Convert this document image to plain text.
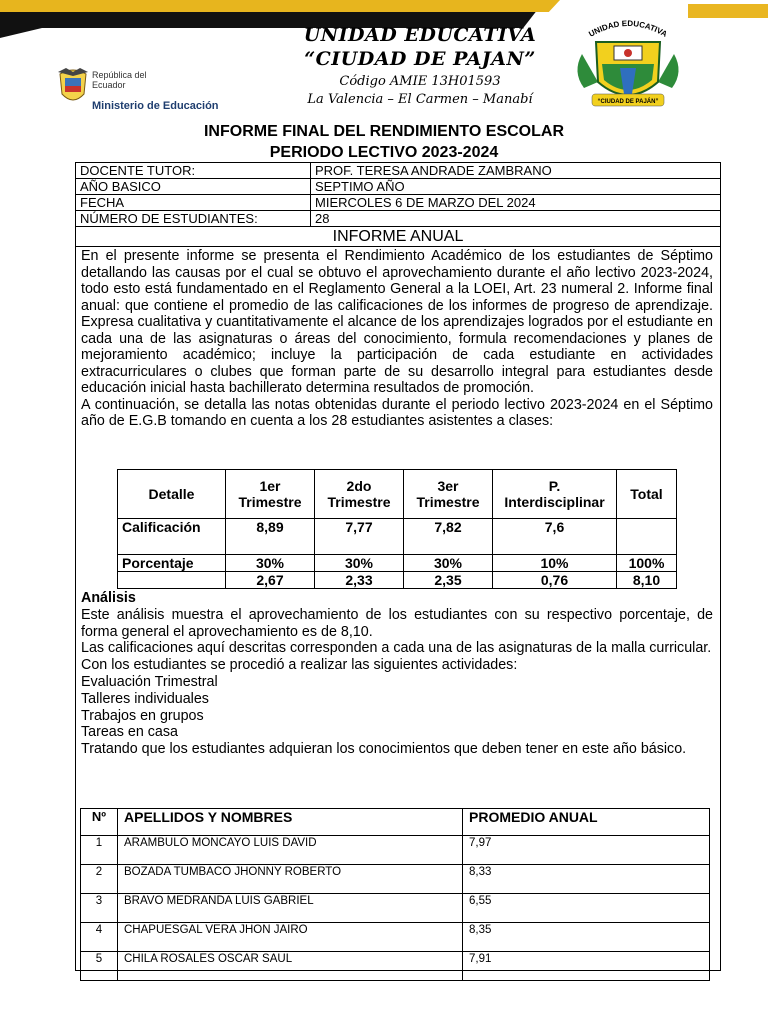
República del Ecuador
Ministerio de Educación
UNIDAD EDUCATIVA
“CIUDAD DE PAJAN”
Código AMIE 13H01593
La Valencia – El Carmen – Manabí
UNIDAD EDUCATIVA
“CIUDAD DE PAJÁN”
INFORME FINAL DEL RENDIMIENTO ESCOLAR
PERIODO LECTIVO 2023-2024
DOCENTE TUTOR:	PROF. TERESA ANDRADE ZAMBRANO
AÑO BASICO	SEPTIMO AÑO
FECHA	MIERCOLES 6 DE MARZO DEL 2024
NÚMERO DE ESTUDIANTES:	28
INFORME ANUAL

En el presente informe se presenta el Rendimiento Académico de los estudiantes de Séptimo detallando las causas por el cual se obtuvo el aprovechamiento durante el año lectivo 2023-2024, todo esto está fundamentado en el Reglamento General a la LOEI, Art. 23 numeral 2. Informe final anual: que contiene el promedio de las calificaciones de los informes de progreso de aprendizaje. Expresa cualitativa y cuantitativamente el alcance de los aprendizajes logrados por el estudiante en cada una de las asignaturas o áreas del conocimiento, formula recomendaciones y planes de mejoramiento académico; incluye la participación de cada estudiante en actividades extracurriculares o clubes que forman parte de su desarrollo integral para estudiantes desde educación inicial hasta bachillerato determina resultados de promoción.

A continuación, se detalla las notas obtenidas durante el periodo lectivo 2023-2024 en el Séptimo año de E.G.B tomando en cuenta a los 28 estudiantes asistentes a clases:

Detalle	1er Trimestre	2do Trimestre	3er Trimestre	P. Interdisciplinar	Total
Calificación	8,89	7,77	7,82	7,6	
Porcentaje	30%	30%	30%	10%	100%
	2,67	2,33	2,35	0,76	8,10

Análisis

Este análisis muestra el aprovechamiento de los estudiantes con su respectivo porcentaje, de forma general el aprovechamiento es de 8,10.

Las calificaciones aquí descritas corresponden a cada una de las asignaturas de la malla curricular.

Con los estudiantes se procedió a realizar las siguientes actividades:

Evaluación Trimestral

Talleres individuales

Trabajos en grupos

Tareas en casa

Tratando que los estudiantes adquieran los conocimientos que deben tener en este año básico.

Nº	APELLIDOS Y NOMBRES	PROMEDIO ANUAL
1	ARAMBULO MONCAYO LUIS DAVID	7,97
2	BOZADA TUMBACO JHONNY ROBERTO	8,33
3	BRAVO MEDRANDA LUIS GABRIEL	6,55
4	CHAPUESGAL VERA JHON JAIRO	8,35
5	CHILA ROSALES OSCAR SAUL	7,91
